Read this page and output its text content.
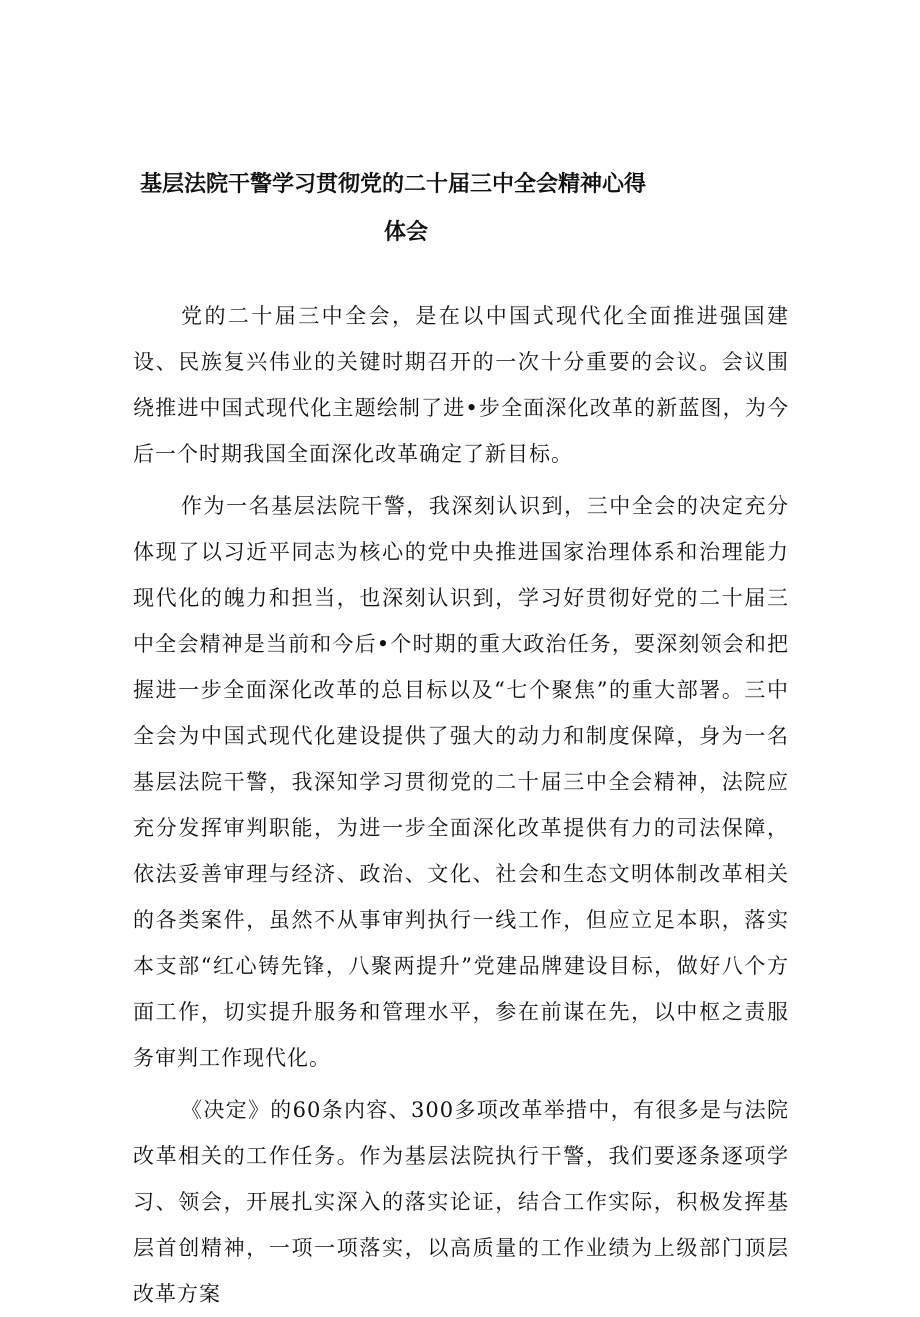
基层法院干警学习贯彻党的二十届三中全会精神心得
体会

党的二十届三中全会，是在以中国式现代化全面推进强国建设、民族复兴伟业的关键时期召开的一次十分重要的会议。会议围绕推进中国式现代化主题绘制了进•步全面深化改革的新蓝图，为今后一个时期我国全面深化改革确定了新目标。

作为一名基层法院干警，我深刻认识到，三中全会的决定充分体现了以习近平同志为核心的党中央推进国家治理体系和治理能力现代化的魄力和担当，也深刻认识到，学习好贯彻好党的二十届三中全会精神是当前和今后•个时期的重大政治任务，要深刻领会和把握进一步全面深化改革的总目标以及“七个聚焦”的重大部署。三中全会为中国式现代化建设提供了强大的动力和制度保障，身为一名基层法院干警，我深知学习贯彻党的二十届三中全会精神，法院应充分发挥审判职能，为进一步全面深化改革提供有力的司法保障，依法妥善审理与经济、政治、文化、社会和生态文明体制改革相关的各类案件，虽然不从事审判执行一线工作，但应立足本职，落实本支部“红心铸先锋，八聚两提升”党建品牌建设目标，做好八个方面工作，切实提升服务和管理水平，参在前谋在先，以中枢之责服务审判工作现代化。

《决定》的60条内容、300多项改革举措中，有很多是与法院改革相关的工作任务。作为基层法院执行干警，我们要逐条逐项学习、领会，开展扎实深入的落实论证，结合工作实际，积极发挥基层首创精神，一项一项落实，以高质量的工作业绩为上级部门顶层改革方案
